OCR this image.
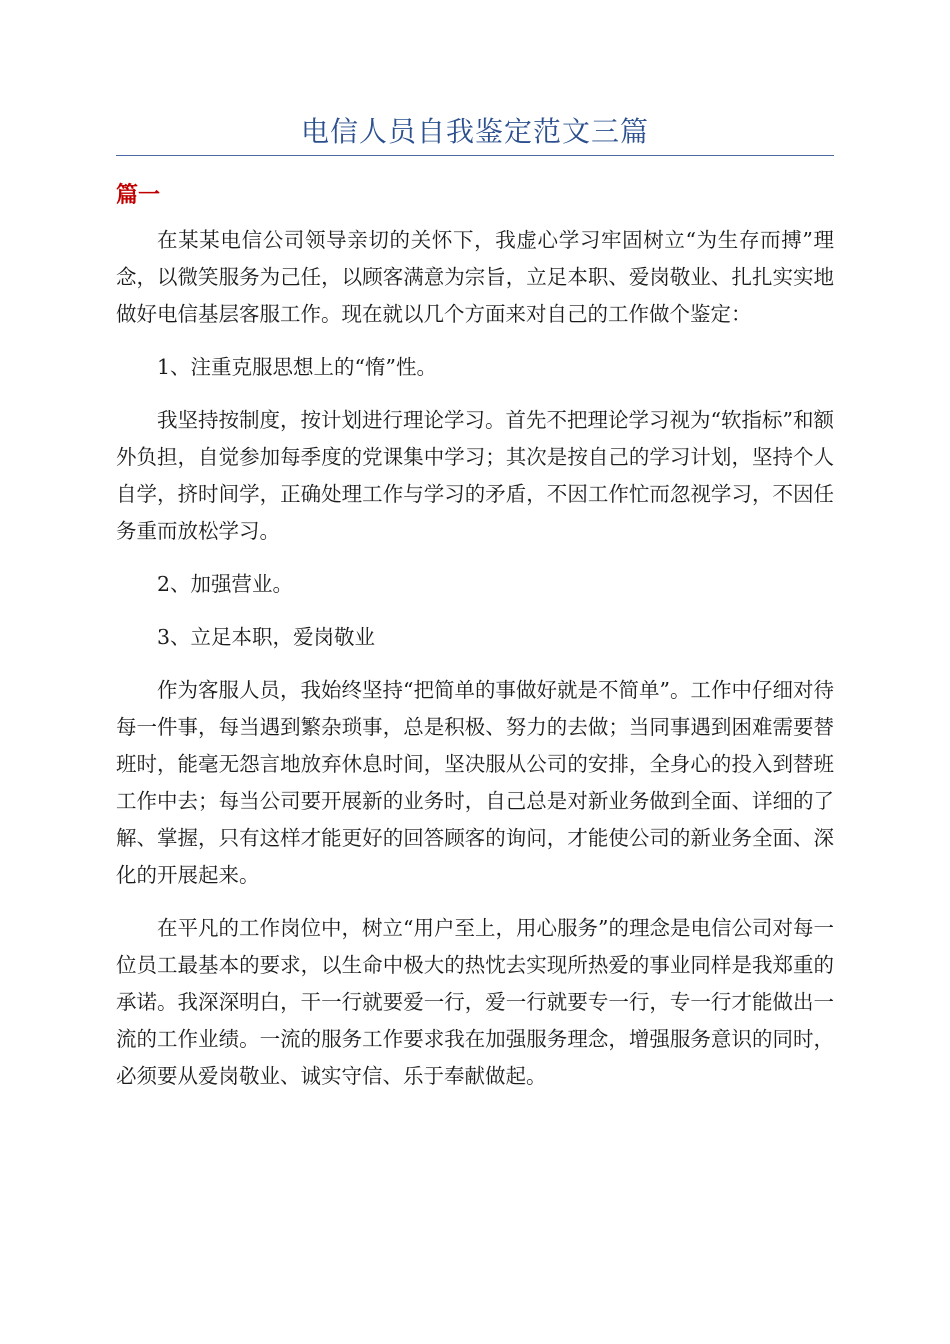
电信人员自我鉴定范文三篇
篇一

在某某电信公司领导亲切的关怀下，我虚心学习牢固树立“为生存而搏”理念，以微笑服务为己任，以顾客满意为宗旨，立足本职、爱岗敬业、扎扎实实地做好电信基层客服工作。现在就以几个方面来对自己的工作做个鉴定：

1、注重克服思想上的“惰”性。

我坚持按制度，按计划进行理论学习。首先不把理论学习视为“软指标”和额外负担，自觉参加每季度的党课集中学习；其次是按自己的学习计划，坚持个人自学，挤时间学，正确处理工作与学习的矛盾，不因工作忙而忽视学习，不因任务重而放松学习。

2、加强营业。

3、立足本职，爱岗敬业

作为客服人员，我始终坚持“把简单的事做好就是不简单”。工作中仔细对待每一件事，每当遇到繁杂琐事，总是积极、努力的去做；当同事遇到困难需要替班时，能毫无怨言地放弃休息时间，坚决服从公司的安排，全身心的投入到替班工作中去；每当公司要开展新的业务时，自己总是对新业务做到全面、详细的了解、掌握，只有这样才能更好的回答顾客的询问，才能使公司的新业务全面、深化的开展起来。

在平凡的工作岗位中，树立“用户至上，用心服务”的理念是电信公司对每一位员工最基本的要求，以生命中极大的热忱去实现所热爱的事业同样是我郑重的承诺。我深深明白，干一行就要爱一行，爱一行就要专一行，专一行才能做出一流的工作业绩。一流的服务工作要求我在加强服务理念，增强服务意识的同时，必须要从爱岗敬业、诚实守信、乐于奉献做起。
